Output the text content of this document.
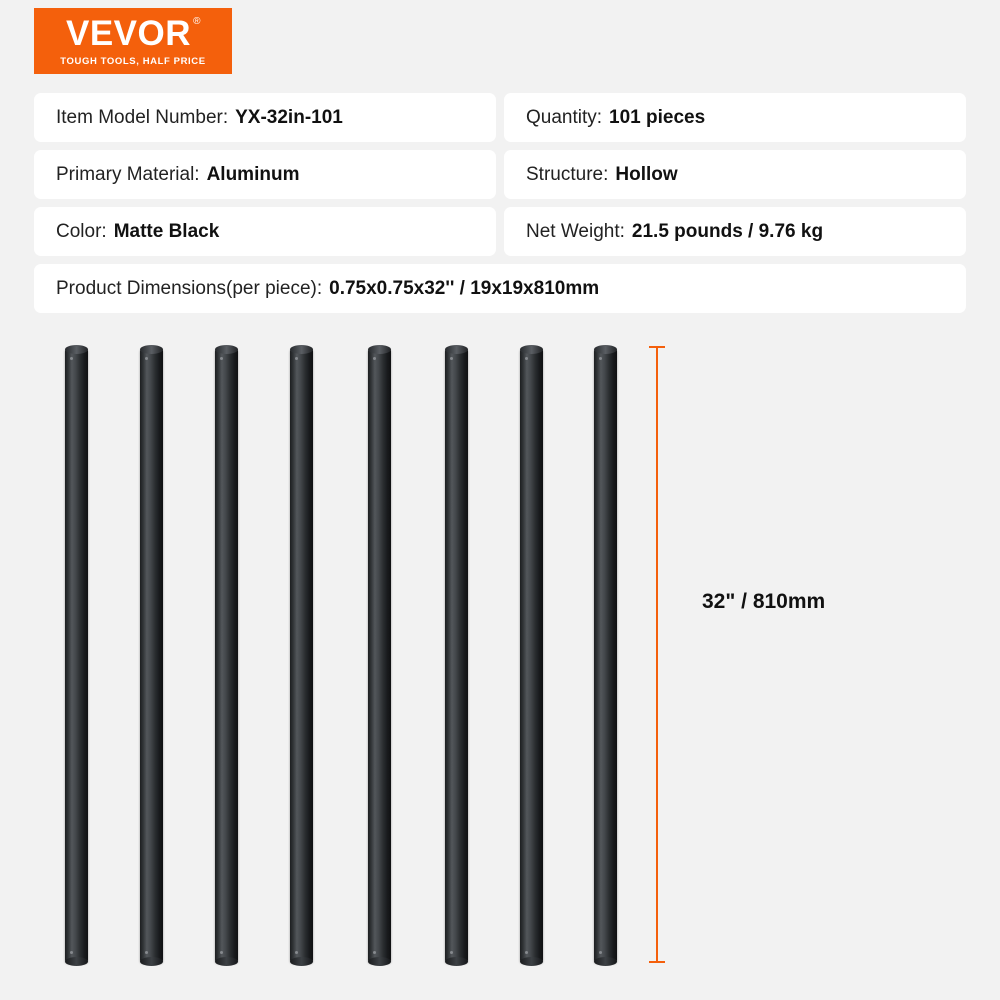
VEVOR ®
TOUGH TOOLS, HALF PRICE
Item Model Number: YX-32in-101	Quantity: 101 pieces
Primary Material: Aluminum	Structure: Hollow
Color: Matte Black	Net Weight: 21.5 pounds / 9.76 kg
Product Dimensions(per piece): 0.75x0.75x32'' / 19x19x810mm
32" / 810mm
